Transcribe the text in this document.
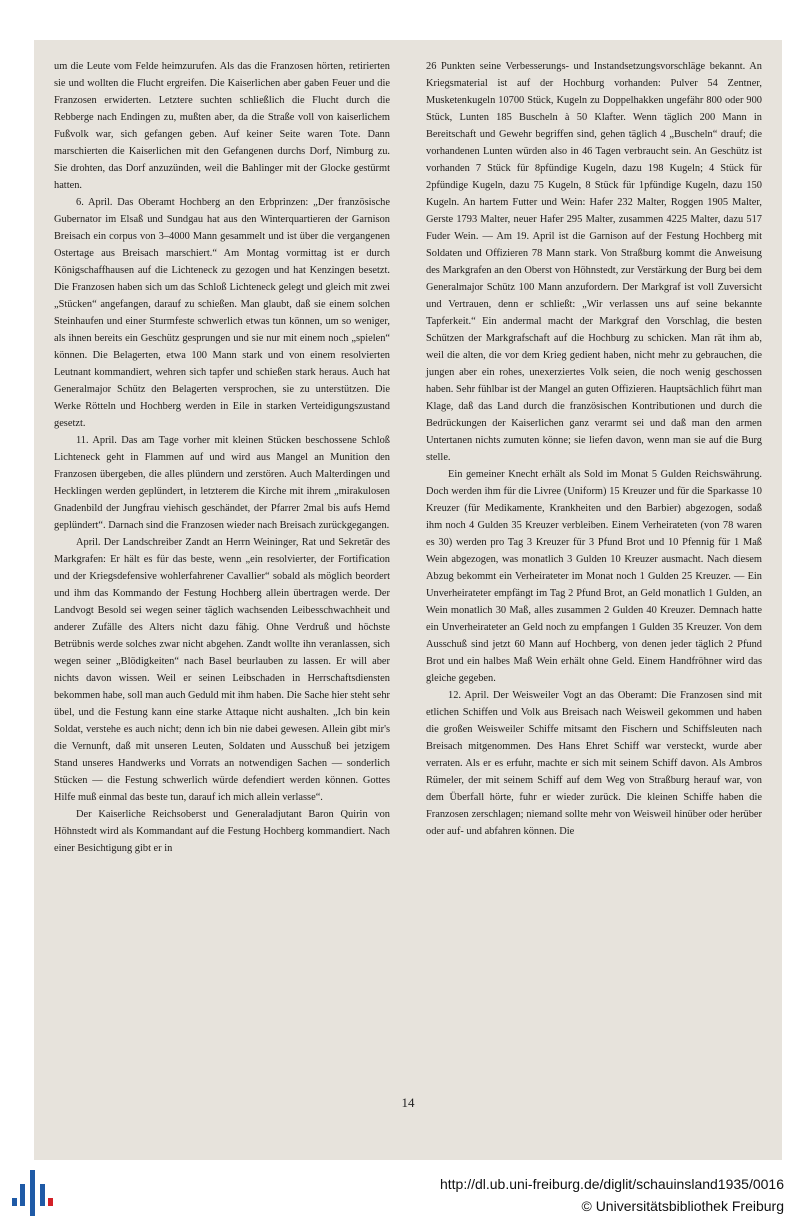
um die Leute vom Felde heimzurufen. Als das die Franzosen hörten, retirierten sie und wollten die Flucht ergreifen. Die Kaiserlichen aber gaben Feuer und die Franzosen erwiderten. Letztere suchten schließlich die Flucht durch die Rebberge nach Endingen zu, mußten aber, da die Straße voll von kaiserlichem Fußvolk war, sich gefangen geben. Auf keiner Seite waren Tote. Dann marschierten die Kaiserlichen mit den Gefangenen durchs Dorf, Nimburg zu. Sie drohten, das Dorf anzuzünden, weil die Bahlinger mit der Glocke gestürmt hatten.

6. April. Das Oberamt Hochberg an den Erbprinzen: „Der französische Gubernator im Elsaß und Sundgau hat aus den Winterquartieren der Garnison Breisach ein corpus von 3–4000 Mann gesammelt und ist über die vergangenen Ostertage aus Breisach marschiert.“ Am Montag vormittag ist er durch Königschaffhausen auf die Lichteneck zu gezogen und hat Kenzingen besetzt. Die Franzosen haben sich um das Schloß Lichteneck gelegt und gleich mit zwei „Stücken“ angefangen, darauf zu schießen. Man glaubt, daß sie einem solchen Steinhaufen und einer Sturmfeste schwerlich etwas tun können, um so weniger, als ihnen bereits ein Geschütz gesprungen und sie nur mit einem noch „spielen“ können. Die Belagerten, etwa 100 Mann stark und von einem resolvierten Leutnant kommandiert, wehren sich tapfer und schießen stark heraus. Auch hat Generalmajor Schütz den Belagerten versprochen, sie zu unterstützen. Die Werke Rötteln und Hochberg werden in Eile in starken Verteidigungszustand gesetzt.

11. April. Das am Tage vorher mit kleinen Stücken beschossene Schloß Lichteneck geht in Flammen auf und wird aus Mangel an Munition den Franzosen übergeben, die alles plündern und zerstören. Auch Malterdingen und Hecklingen werden geplündert, in letzterem die Kirche mit ihrem „mirakulosen Gnadenbild der Jungfrau viehisch geschändet, der Pfarrer 2mal bis aufs Hemd geplündert“. Darnach sind die Franzosen wieder nach Breisach zurückgegangen.

April. Der Landschreiber Zandt an Herrn Weininger, Rat und Sekretär des Markgrafen: Er hält es für das beste, wenn „ein resolvierter, der Fortification und der Kriegsdefensive wohlerfahrener Cavallier“ sobald als möglich beordert und ihm das Kommando der Festung Hochberg allein übertragen werde. Der Landvogt Besold sei wegen seiner täglich wachsenden Leibesschwachheit und anderer Zufälle des Alters nicht dazu fähig. Ohne Verdruß und höchste Betrübnis werde solches zwar nicht abgehen. Zandt wollte ihn veranlassen, sich wegen seiner „Blödigkeiten“ nach Basel beurlauben zu lassen. Er will aber nichts davon wissen. Weil er seinen Leibschaden in Herrschaftsdiensten bekommen habe, soll man auch Geduld mit ihm haben. Die Sache hier steht sehr übel, und die Festung kann eine starke Attaque nicht aushalten. „Ich bin kein Soldat, verstehe es auch nicht; denn ich bin nie dabei gewesen. Allein gibt mir's die Vernunft, daß mit unseren Leuten, Soldaten und Ausschuß bei jetzigem Stand unseres Handwerks und Vorrats an notwendigen Sachen — sonderlich Stücken — die Festung schwerlich würde defendiert werden können. Gottes Hilfe muß einmal das beste tun, darauf ich mich allein verlasse“.

Der Kaiserliche Reichsoberst und Generaladjutant Baron Quirin von Höhnstedt wird als Kommandant auf die Festung Hochberg kommandiert. Nach einer Besichtigung gibt er in

26 Punkten seine Verbesserungs- und Instandsetzungsvorschläge bekannt. An Kriegsmaterial ist auf der Hochburg vorhanden: Pulver 54 Zentner, Musketenkugeln 10700 Stück, Kugeln zu Doppelhakken ungefähr 800 oder 900 Stück, Lunten 185 Buscheln à 50 Klafter. Wenn täglich 200 Mann in Bereitschaft und Gewehr begriffen sind, gehen täglich 4 „Buscheln“ drauf; die vorhandenen Lunten würden also in 46 Tagen verbraucht sein. An Geschütz ist vorhanden 7 Stück für 8pfündige Kugeln, dazu 198 Kugeln; 4 Stück für 2pfündige Kugeln, dazu 75 Kugeln, 8 Stück für 1pfündige Kugeln, dazu 150 Kugeln. An hartem Futter und Wein: Hafer 232 Malter, Roggen 1905 Malter, Gerste 1793 Malter, neuer Hafer 295 Malter, zusammen 4225 Malter, dazu 517 Fuder Wein. — Am 19. April ist die Garnison auf der Festung Hochberg mit Soldaten und Offizieren 78 Mann stark. Von Straßburg kommt die Anweisung des Markgrafen an den Oberst von Höhnstedt, zur Verstärkung der Burg bei dem Generalmajor Schütz 100 Mann anzufordern. Der Markgraf ist voll Zuversicht und Vertrauen, denn er schließt: „Wir verlassen uns auf seine bekannte Tapferkeit.“ Ein andermal macht der Markgraf den Vorschlag, die besten Schützen der Markgrafschaft auf die Hochburg zu schicken. Man rät ihm ab, weil die alten, die vor dem Krieg gedient haben, nicht mehr zu gebrauchen, die jungen aber ein rohes, unexerziertes Volk seien, die noch wenig geschossen haben. Sehr fühlbar ist der Mangel an guten Offizieren. Hauptsächlich führt man Klage, daß das Land durch die französischen Kontributionen und durch die Bedrückungen der Kaiserlichen ganz verarmt sei und daß man den armen Untertanen nichts zumuten könne; sie liefen davon, wenn man sie auf die Burg stelle.

Ein gemeiner Knecht erhält als Sold im Monat 5 Gulden Reichswährung. Doch werden ihm für die Livree (Uniform) 15 Kreuzer und für die Sparkasse 10 Kreuzer (für Medikamente, Krankheiten und den Barbier) abgezogen, sodaß ihm noch 4 Gulden 35 Kreuzer verbleiben. Einem Verheirateten (von 78 waren es 30) werden pro Tag 3 Kreuzer für 3 Pfund Brot und 10 Pfennig für 1 Maß Wein abgezogen, was monatlich 3 Gulden 10 Kreuzer ausmacht. Nach diesem Abzug bekommt ein Verheirateter im Monat noch 1 Gulden 25 Kreuzer. — Ein Unverheirateter empfängt im Tag 2 Pfund Brot, an Geld monatlich 1 Gulden, an Wein monatlich 30 Maß, alles zusammen 2 Gulden 40 Kreuzer. Demnach hatte ein Unverheirateter an Geld noch zu empfangen 1 Gulden 35 Kreuzer. Von dem Ausschuß sind jetzt 60 Mann auf Hochberg, von denen jeder täglich 2 Pfund Brot und ein halbes Maß Wein erhält ohne Geld. Einem Handfröhner wird das gleiche gegeben.

12. April. Der Weisweiler Vogt an das Oberamt: Die Franzosen sind mit etlichen Schiffen und Volk aus Breisach nach Weisweil gekommen und haben die großen Weisweiler Schiffe mitsamt den Fischern und Schiffsleuten nach Breisach mitgenommen. Des Hans Ehret Schiff war versteckt, wurde aber verraten. Als er es erfuhr, machte er sich mit seinem Schiff davon. Als Ambros Rümeler, der mit seinem Schiff auf dem Weg von Straßburg herauf war, von dem Überfall hörte, fuhr er wieder zurück. Die kleinen Schiffe haben die Franzosen zerschlagen; niemand sollte mehr von Weisweil hinüber oder herüber oder auf- und abfahren können. Die

14
http://dl.ub.uni-freiburg.de/diglit/schauinsland1935/0016
© Universitätsbibliothek Freiburg
